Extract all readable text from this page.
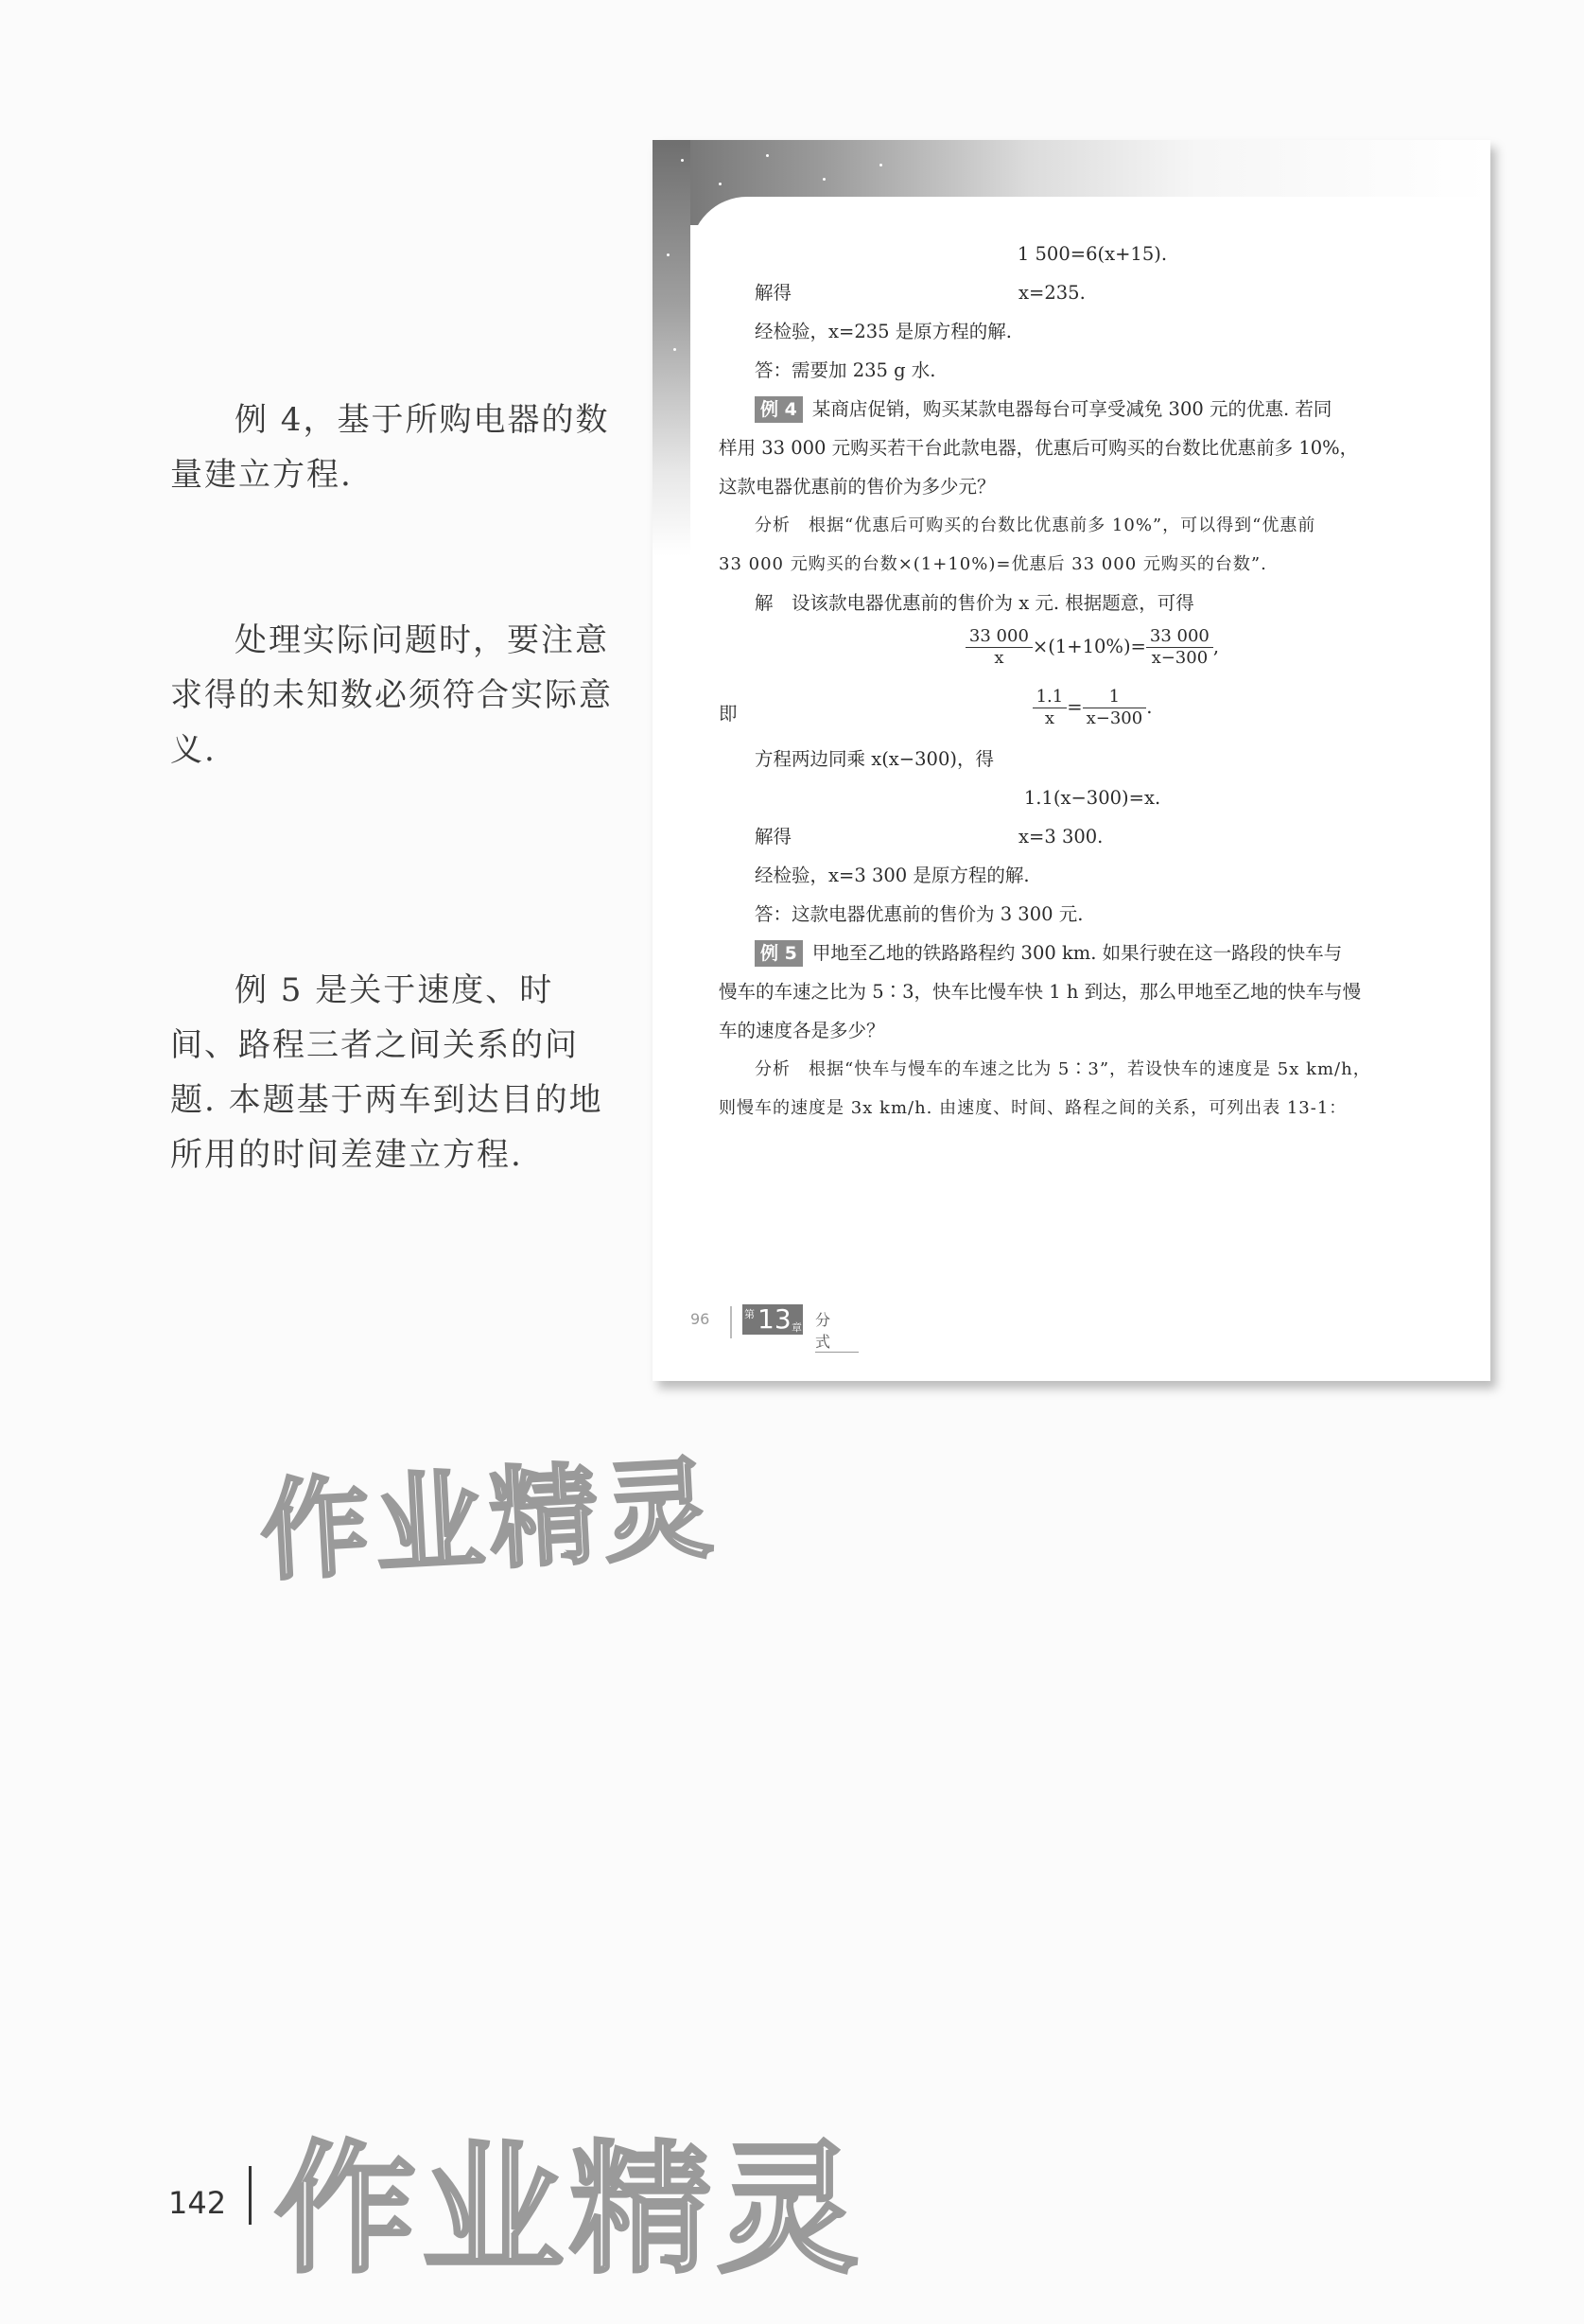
例 4，基于所购电器的数量建立方程.

处理实际问题时，要注意求得的未知数必须符合实际意义.

例 5 是关于速度、时间、路程三者之间关系的问题. 本题基于两车到达目的地所用的时间差建立方程.

1 500=6(x+15).
解得	x=235.
经检验，x=235 是原方程的解.
答：需要加 235 g 水.
例 4 某商店促销，购买某款电器每台可享受减免 300 元的优惠. 若同
样用 33 000 元购买若干台此款电器，优惠后可购买的台数比优惠前多 10%，
这款电器优惠前的售价为多少元？
分析　根据“优惠后可购买的台数比优惠前多 10%”，可以得到“优惠前
33 000 元购买的台数×(1+10%)=优惠后 33 000 元购买的台数”.
解　设该款电器优惠前的售价为 x 元. 根据题意，可得
$\frac{33 000}{x} \times(1+10\%)= \frac{33 000}{x-300}$ ,
即	$\frac{1.1}{x} = \frac{1}{x-300}$ .
方程两边同乘 x(x−300)，得
1.1(x−300)=x.
解得	x=3 300.
经检验，x=3 300 是原方程的解.
答：这款电器优惠前的售价为 3 300 元.
例 5 甲地至乙地的铁路路程约 300 km. 如果行驶在这一路段的快车与
慢车的车速之比为 5∶3，快车比慢车快 1 h 到达，那么甲地至乙地的快车与慢
车的速度各是多少？
分析　根据“快车与慢车的车速之比为 5∶3”，若设快车的速度是 5x km/h，
则慢车的速度是 3x km/h. 由速度、时间、路程之间的关系，可列出表 13-1：
96	第 13 章 分式
作业精灵
作业精灵
142
